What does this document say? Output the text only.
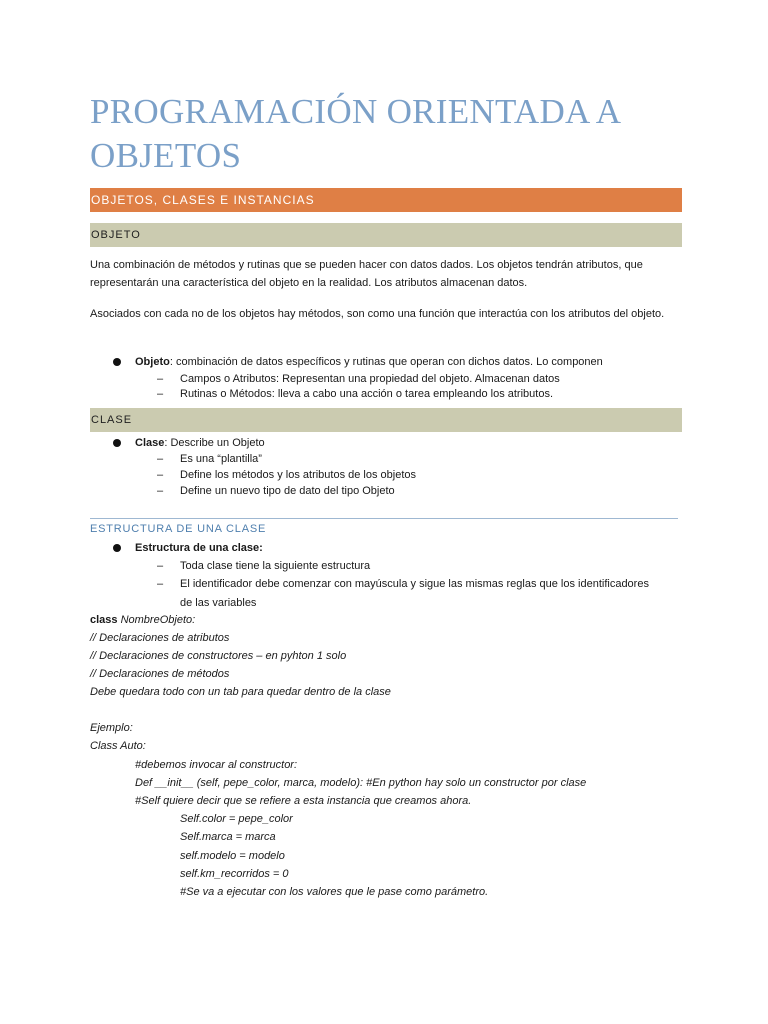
PROGRAMACIÓN ORIENTADA A OBJETOS
OBJETOS, CLASES E INSTANCIAS
OBJETO
Una combinación de métodos y rutinas que se pueden hacer con datos dados. Los objetos tendrán atributos, que representarán una característica del objeto en la realidad. Los atributos almacenan datos.
Asociados con cada no de los objetos hay métodos, son como una función que interactúa con los atributos del objeto.
Objeto: combinación de datos específicos y rutinas que operan con dichos datos. Lo componen
– Campos o Atributos: Representan una propiedad del objeto. Almacenan datos
– Rutinas o Métodos: lleva a cabo una acción o tarea empleando los atributos.
CLASE
Clase: Describe un Objeto
– Es una “plantilla”
– Define los métodos y los atributos de los objetos
– Define un nuevo tipo de dato del tipo Objeto
ESTRUCTURA DE UNA CLASE
Estructura de una clase:
– Toda clase tiene la siguiente estructura
– El identificador debe comenzar con mayúscula y sigue las mismas reglas que los identificadores
de las variables
class NombreObjeto:
// Declaraciones de atributos
// Declaraciones de constructores – en pyhton 1 solo
// Declaraciones de métodos
Debe quedara todo con un tab para quedar dentro de la clase
Ejemplo:
Class Auto:
#debemos invocar al constructor:
Def __init__ (self, pepe_color, marca, modelo): #En python hay solo un constructor por clase
#Self quiere decir que se refiere a esta instancia que creamos ahora.
Self.color = pepe_color
Self.marca = marca
self.modelo = modelo
self.km_recorridos = 0
#Se va a ejecutar con los valores que le pase como parámetro.
